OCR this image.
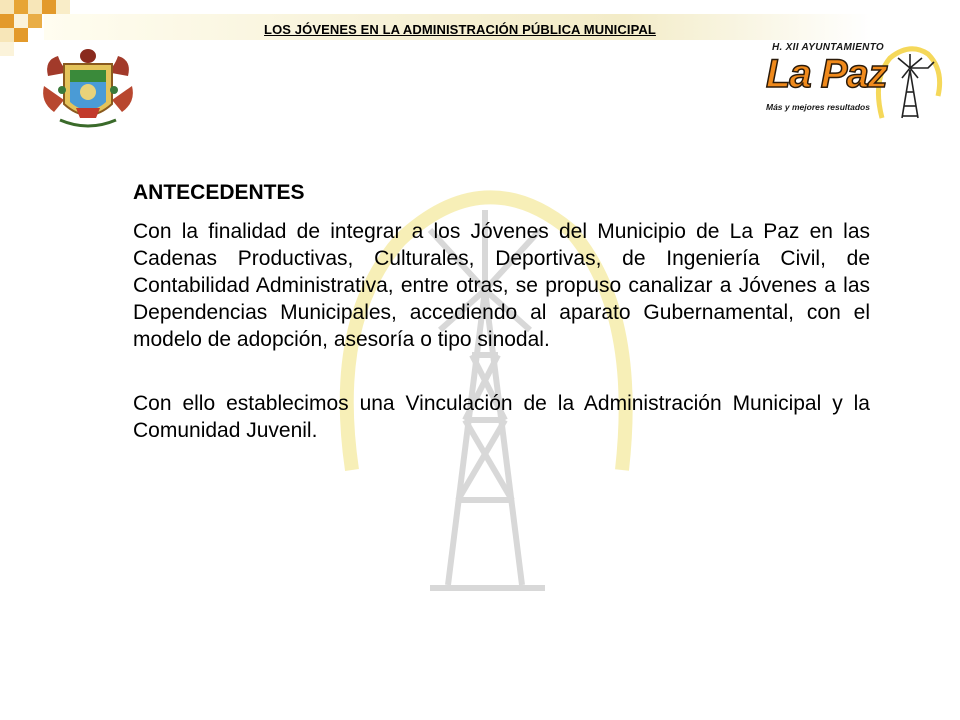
LOS JÓVENES EN LA ADMINISTRACIÓN PÚBLICA MUNICIPAL
H. XII AYUNTAMIENTO
La Paz
Más y mejores resultados
ANTECEDENTES

Con la finalidad de integrar a los Jóvenes del Municipio de La Paz en las Cadenas Productivas, Culturales, Deportivas, de Ingeniería Civil, de Contabilidad Administrativa, entre otras, se propuso canalizar a Jóvenes a las Dependencias Municipales, accediendo al aparato Gubernamental, con el modelo de adopción, asesoría o tipo sinodal.

Con ello establecimos una Vinculación de la Administración Municipal y la Comunidad Juvenil.
